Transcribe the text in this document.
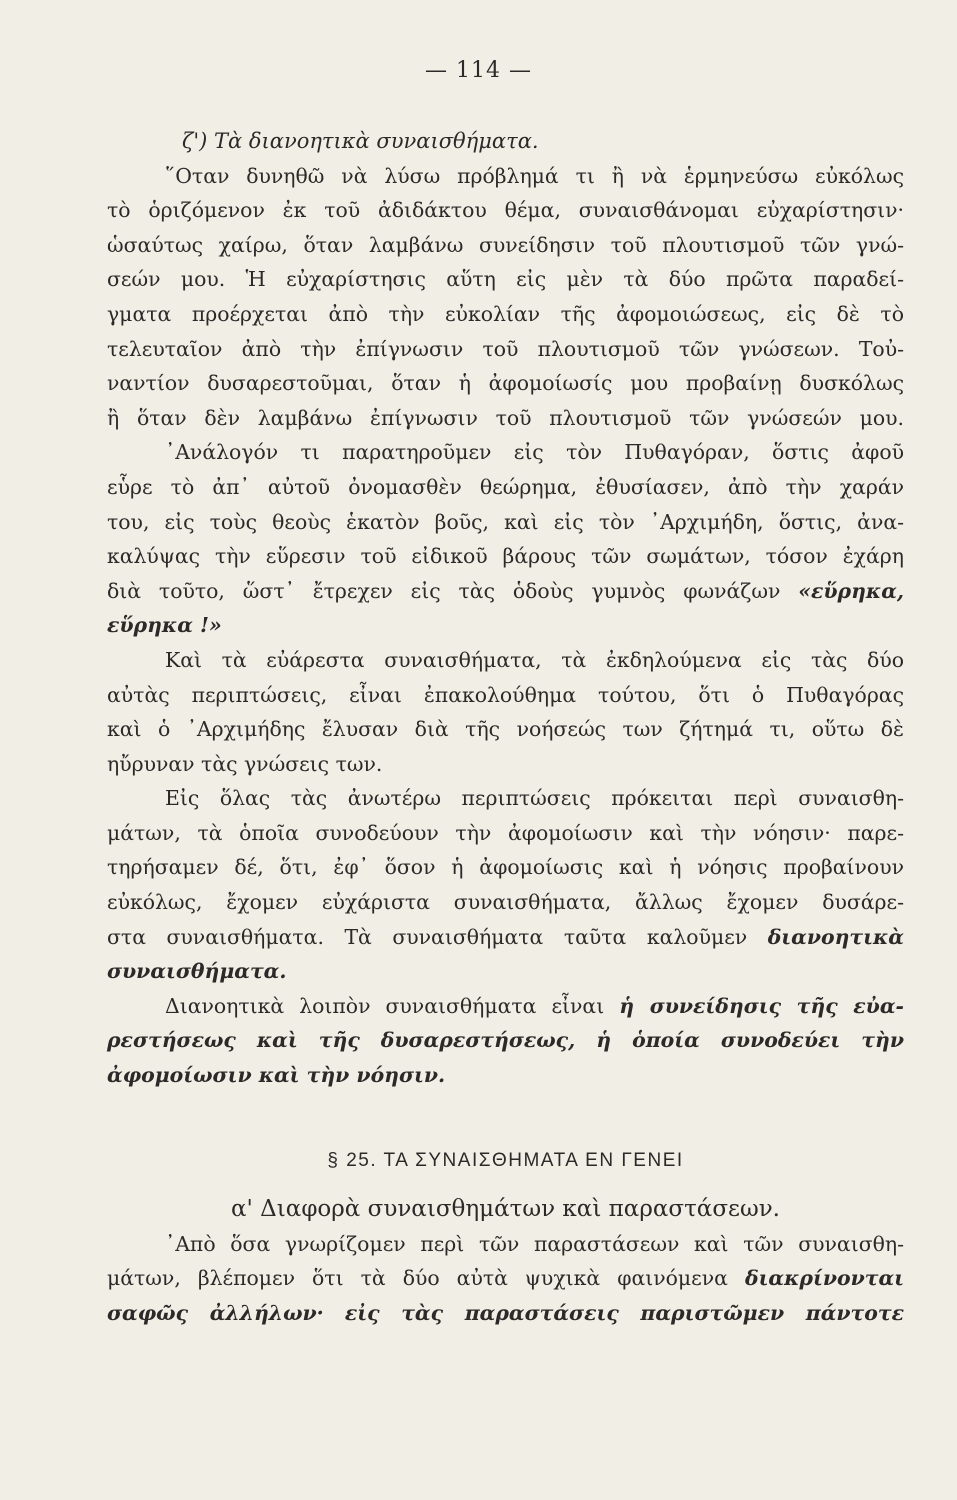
— 114 —
ζ') Τὰ διανοητικὰ συναισθήματα.
῞Οταν δυνηθῶ νὰ λύσω πρόβλημά τι ἢ νὰ ἑρμηνεύσω εὐκόλως
τὸ ὁριζόμενον ἐκ τοῦ ἀδιδάκτου θέμα, συναισθάνομαι εὐχαρίστησιν·
ὡσαύτως χαίρω, ὅταν λαμβάνω συνείδησιν τοῦ πλουτισμοῦ τῶν γνώ-
σεών μου. Ἡ εὐχαρίστησις αὕτη εἰς μὲν τὰ δύο πρῶτα παραδεί-
γματα προέρχεται ἀπὸ τὴν εὐκολίαν τῆς ἀφομοιώσεως, εἰς δὲ τὸ
τελευταῖον ἀπὸ τὴν ἐπίγνωσιν τοῦ πλουτισμοῦ τῶν γνώσεων. Τοὐ-
ναντίον δυσαρεστοῦμαι, ὅταν ἡ ἀφομοίωσίς μου προβαίνῃ δυσκόλως
ἢ ὅταν δὲν λαμβάνω ἐπίγνωσιν τοῦ πλουτισμοῦ τῶν γνώσεών μου.
᾿Ανάλογόν τι παρατηροῦμεν εἰς τὸν Πυθαγόραν, ὅστις ἀφοῦ
εὗρε τὸ ἀπ᾿ αὐτοῦ ὀνομασθὲν θεώρημα, ἐθυσίασεν, ἀπὸ τὴν χαράν
του, εἰς τοὺς θεοὺς ἑκατὸν βοῦς, καὶ εἰς τὸν ᾿Αρχιμήδη, ὅστις, ἀνα-
καλύψας τὴν εὕρεσιν τοῦ εἰδικοῦ βάρους τῶν σωμάτων, τόσον ἐχάρη
διὰ τοῦτο, ὥστ᾿ ἔτρεχεν εἰς τὰς ὁδοὺς γυμνὸς φωνάζων «εὕρηκα,
εὕρηκα !»
Καὶ τὰ εὐάρεστα συναισθήματα, τὰ ἐκδηλούμενα εἰς τὰς δύο
αὐτὰς περιπτώσεις, εἶναι ἐπακολούθημα τούτου, ὅτι ὁ Πυθαγόρας
καὶ ὁ ᾿Αρχιμήδης ἔλυσαν διὰ τῆς νοήσεώς των ζήτημά τι, οὕτω δὲ
ηὔρυναν τὰς γνώσεις των.
Εἰς ὅλας τὰς ἀνωτέρω περιπτώσεις πρόκειται περὶ συναισθη-
μάτων, τὰ ὁποῖα συνοδεύουν τὴν ἀφομοίωσιν καὶ τὴν νόησιν· παρε-
τηρήσαμεν δέ, ὅτι, ἐφ᾿ ὅσον ἡ ἀφομοίωσις καὶ ἡ νόησις προβαίνουν
εὐκόλως, ἔχομεν εὐχάριστα συναισθήματα, ἄλλως ἔχομεν δυσάρε-
στα συναισθήματα. Τὰ συναισθήματα ταῦτα καλοῦμεν διανοητικὰ
συναισθήματα.
Διανοητικὰ λοιπὸν συναισθήματα εἶναι ἡ συνείδησις τῆς εὐα-
ρεστήσεως καὶ τῆς δυσαρεστήσεως, ἡ ὁποία συνοδεύει τὴν
ἀφομοίωσιν καὶ τὴν νόησιν.
§ 25. ΤΑ ΣΥΝΑΙΣΘΗΜΑΤΑ ΕΝ ΓΕΝΕΙ
α' Διαφορὰ συναισθημάτων καὶ παραστάσεων.
᾿Απὸ ὅσα γνωρίζομεν περὶ τῶν παραστάσεων καὶ τῶν συναισθη-
μάτων, βλέπομεν ὅτι τὰ δύο αὐτὰ ψυχικὰ φαινόμενα διακρίνονται
σαφῶς ἀλλήλων· εἰς τὰς παραστάσεις παριστῶμεν πάντοτε
